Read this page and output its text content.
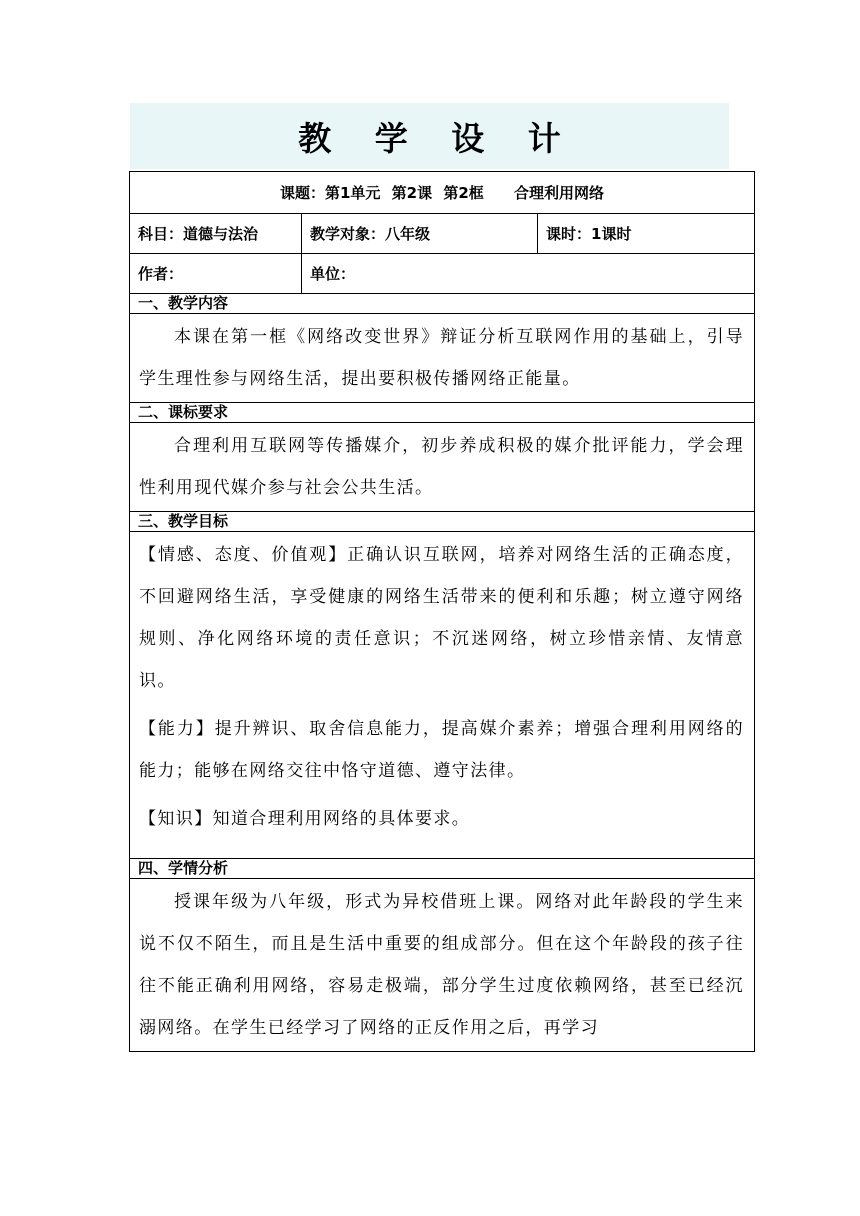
教 学 设 计
课题：第1单元 第2课 第2框 合理利用网络		
科目：道德与法治	教学对象：八年级	课时：1课时
作者：	单位：	
一、教学内容		

本课在第一框《网络改变世界》辩证分析互联网作用的基础上，引导学生理性参与网络生活，提出要积极传播网络正能量。		

二、课标要求		

合理利用互联网等传播媒介，初步养成积极的媒介批评能力，学会理性利用现代媒介参与社会公共生活。		

三、教学目标		

【情感、态度、价值观】正确认识互联网，培养对网络生活的正确态度，不回避网络生活，享受健康的网络生活带来的便利和乐趣；树立遵守网络规则、净化网络环境的责任意识；不沉迷网络，树立珍惜亲情、友情意识。

【能力】提升辨识、取舍信息能力，提高媒介素养；增强合理利用网络的能力；能够在网络交往中恪守道德、遵守法律。

【知识】知道合理利用网络的具体要求。		

四、学情分析		

授课年级为八年级，形式为异校借班上课。网络对此年龄段的学生来说不仅不陌生，而且是生活中重要的组成部分。但在这个年龄段的孩子往往不能正确利用网络，容易走极端，部分学生过度依赖网络，甚至已经沉溺网络。在学生已经学习了网络的正反作用之后，再学习		
